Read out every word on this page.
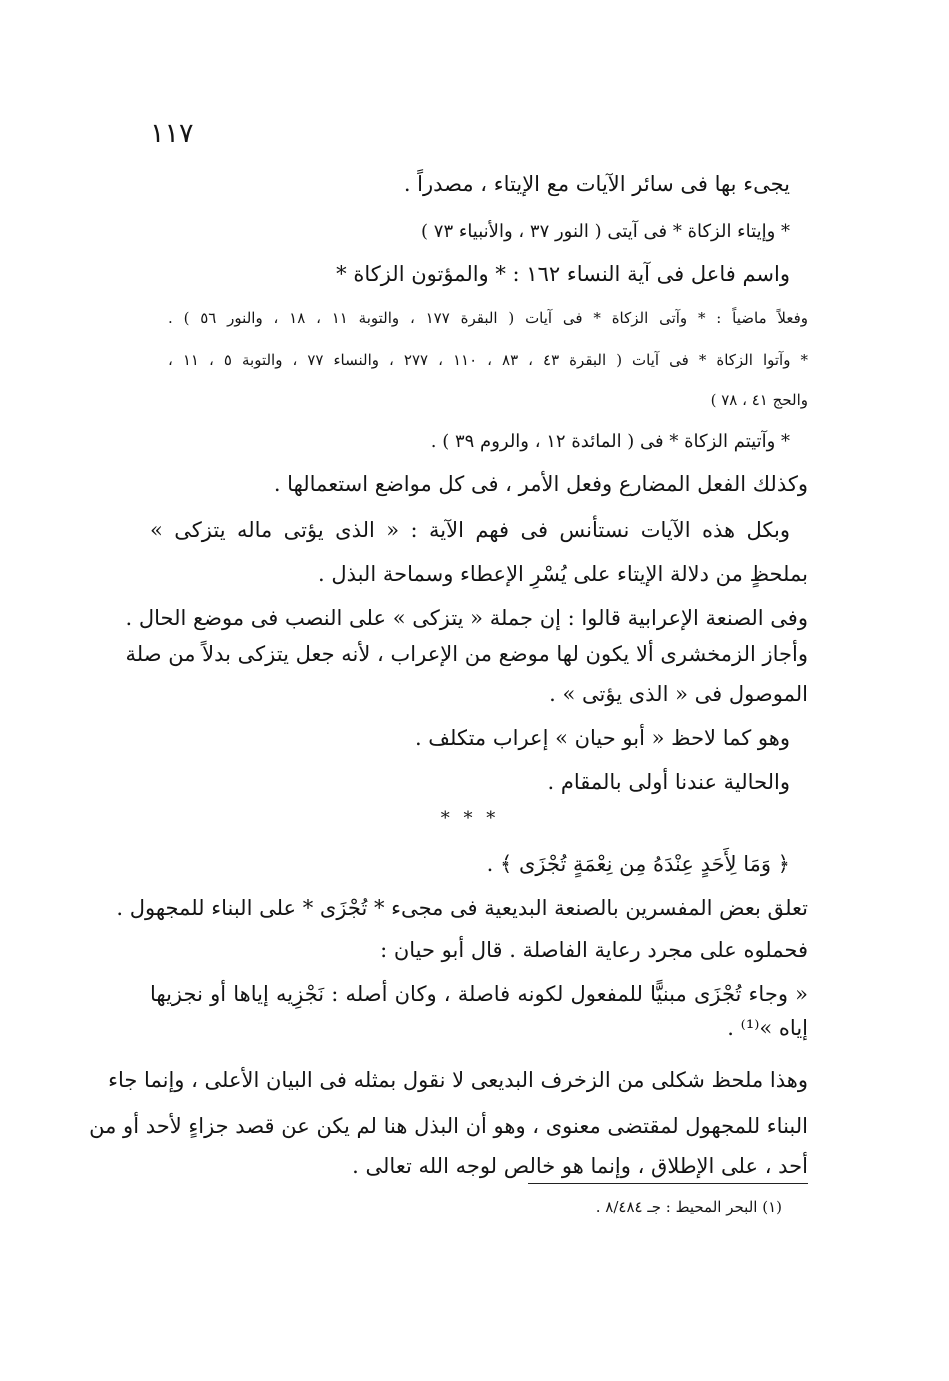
١١٧
يجىء بها فى سائر الآيات مع الإيتاء ، مصدراً .
* وإيتاء الزكاة * فى آيتى ( النور ٣٧ ، والأنبياء ٧٣ )
واسم فاعل فى آية النساء ١٦٢ : * والمؤتون الزكاة *
وفعلاً ماضياً : * وآتى الزكاة * فى آيات ( البقرة ١٧٧ ، والتوبة ١١ ، ١٨ ، والنور ٥٦ ) .
* وآتوا الزكاة * فى آيات ( البقرة ٤٣ ، ٨٣ ، ١١٠ ، ٢٧٧ ، والنساء ٧٧ ، والتوبة ٥ ، ١١ ،
والحج ٤١ ، ٧٨ )
* وآتيتم الزكاة * فى ( المائدة ١٢ ، والروم ٣٩ ) .
وكذلك الفعل المضارع وفعل الأمر ، فى كل مواضع استعمالها .
وبكل هذه الآيات نستأنس فى فهم الآية : « الذى يؤتى ماله يتزكى »
بملحظٍ من دلالة الإيتاء على يُسْرِ الإعطاء وسماحة البذل .
وفى الصنعة الإعرابية قالوا : إن جملة « يتزكى » على النصب فى موضع الحال .
وأجاز الزمخشرى ألا يكون لها موضع من الإعراب ، لأنه جعل يتزكى بدلاً من صلة
الموصول فى « الذى يؤتى » .
وهو كما لاحظ « أبو حيان » إعراب متكلف .
والحالية عندنا أولى بالمقام .
* * *
﴿ وَمَا لِأَحَدٍ عِنْدَهُ مِن نِعْمَةٍ تُجْزَى ﴾ .
تعلق بعض المفسرين بالصنعة البديعية فى مجىء * تُجْزَى * على البناء للمجهول .
فحملوه على مجرد رعاية الفاصلة . قال أبو حيان :
« وجاء تُجْزَى مبنيًّا للمفعول لكونه فاصلة ، وكان أصله : نَجْزِيه إياها أو نجزيها
إياه »⁽¹⁾ .
وهذا ملحظ شكلى من الزخرف البديعى لا نقول بمثله فى البيان الأعلى ، وإنما جاء
البناء للمجهول لمقتضى معنوى ، وهو أن البذل هنا لم يكن عن قصد جزاءٍ لأحد أو من
أحد ، على الإطلاق ، وإنما هو خالص لوجه الله تعالى .
(١) البحر المحيط : جـ ٨/٤٨٤ .
